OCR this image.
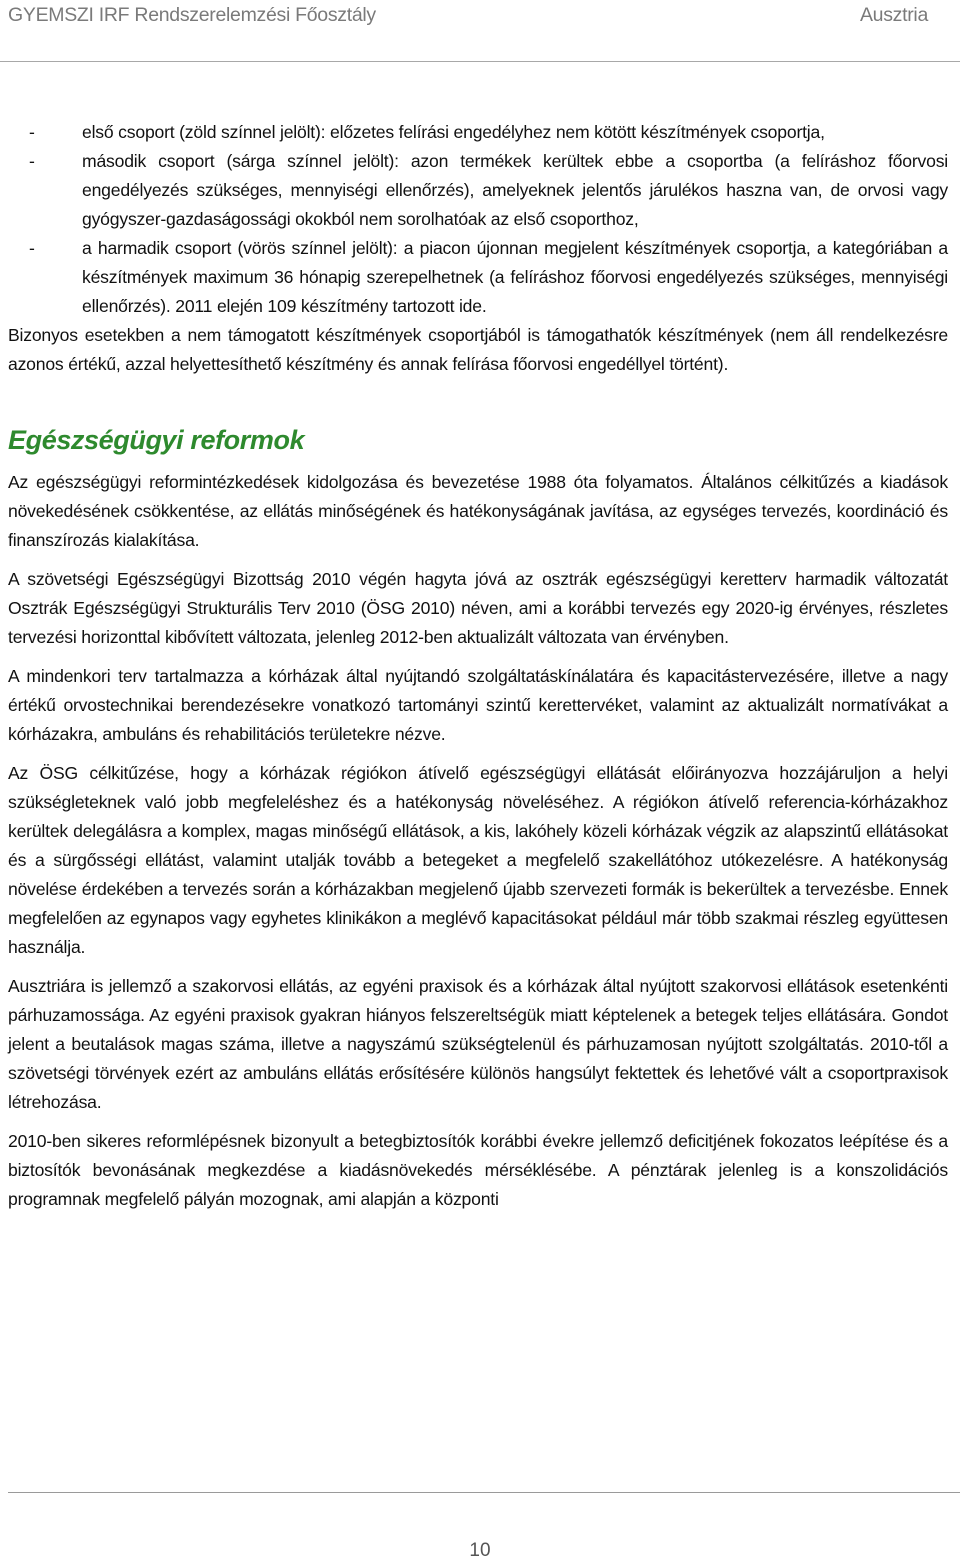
GYEMSZI IRF Rendszerelemzési Főosztály	Ausztria
-	első csoport (zöld színnel jelölt): előzetes felírási engedélyhez nem kötött készítmények csoportja,
-	második csoport (sárga színnel jelölt): azon termékek kerültek ebbe a csoportba (a felíráshoz főorvosi engedélyezés szükséges, mennyiségi ellenőrzés), amelyeknek jelentős járulékos haszna van, de orvosi vagy gyógyszer-gazdaságossági okokból nem sorolhatóak az első csoporthoz,
-	a harmadik csoport (vörös színnel jelölt): a piacon újonnan megjelent készítmények csoportja, a kategóriában a készítmények maximum 36 hónapig szerepelhetnek (a felíráshoz főorvosi engedélyezés szükséges, mennyiségi ellenőrzés). 2011 elején 109 készítmény tartozott ide.

Bizonyos esetekben a nem támogatott készítmények csoportjából is támogathatók készítmények (nem áll rendelkezésre azonos értékű, azzal helyettesíthető készítmény és annak felírása főorvosi engedéllyel történt).

Egészségügyi reformok

Az egészségügyi reformintézkedések kidolgozása és bevezetése 1988 óta folyamatos. Általános célkitűzés a kiadások növekedésének csökkentése, az ellátás minőségének és hatékonyságának javítása, az egységes tervezés, koordináció és finanszírozás kialakítása.

A szövetségi Egészségügyi Bizottság 2010 végén hagyta jóvá az osztrák egészségügyi keretterv harmadik változatát Osztrák Egészségügyi Strukturális Terv 2010 (ÖSG 2010) néven, ami a korábbi tervezés egy 2020-ig érvényes, részletes tervezési horizonttal kibővített változata, jelenleg 2012-ben aktualizált változata van érvényben.

A mindenkori terv tartalmazza a kórházak által nyújtandó szolgáltatáskínálatára és kapacitástervezésére, illetve a nagy értékű orvostechnikai berendezésekre vonatkozó tartományi szintű kerettervéket, valamint az aktualizált normatívákat a kórházakra, ambuláns és rehabilitációs területekre nézve.

Az ÖSG célkitűzése, hogy a kórházak régiókon átívelő egészségügyi ellátását előirányozva hozzájáruljon a helyi szükségleteknek való jobb megfeleléshez és a hatékonyság növeléséhez. A régiókon átívelő referencia-kórházakhoz kerültek delegálásra a komplex, magas minőségű ellátások, a kis, lakóhely közeli kórházak végzik az alapszintű ellátásokat és a sürgősségi ellátást, valamint utalják tovább a betegeket a megfelelő szakellátóhoz utókezelésre. A hatékonyság növelése érdekében a tervezés során a kórházakban megjelenő újabb szervezeti formák is bekerültek a tervezésbe. Ennek megfelelően az egynapos vagy egyhetes klinikákon a meglévő kapacitásokat például már több szakmai részleg együttesen használja.

Ausztriára is jellemző a szakorvosi ellátás, az egyéni praxisok és a kórházak által nyújtott szakorvosi ellátások esetenkénti párhuzamossága. Az egyéni praxisok gyakran hiányos felszereltségük miatt képtelenek a betegek teljes ellátására. Gondot jelent a beutalások magas száma, illetve a nagyszámú szükségtelenül és párhuzamosan nyújtott szolgáltatás. 2010-től a szövetségi törvények ezért az ambuláns ellátás erősítésére különös hangsúlyt fektettek és lehetővé vált a csoportpraxisok létrehozása.

2010-ben sikeres reformlépésnek bizonyult a betegbiztosítók korábbi évekre jellemző deficitjének fokozatos leépítése és a biztosítók bevonásának megkezdése a kiadásnövekedés mérséklésébe. A pénztárak jelenleg is a konszolidációs programnak megfelelő pályán mozognak, ami alapján a központi

10
